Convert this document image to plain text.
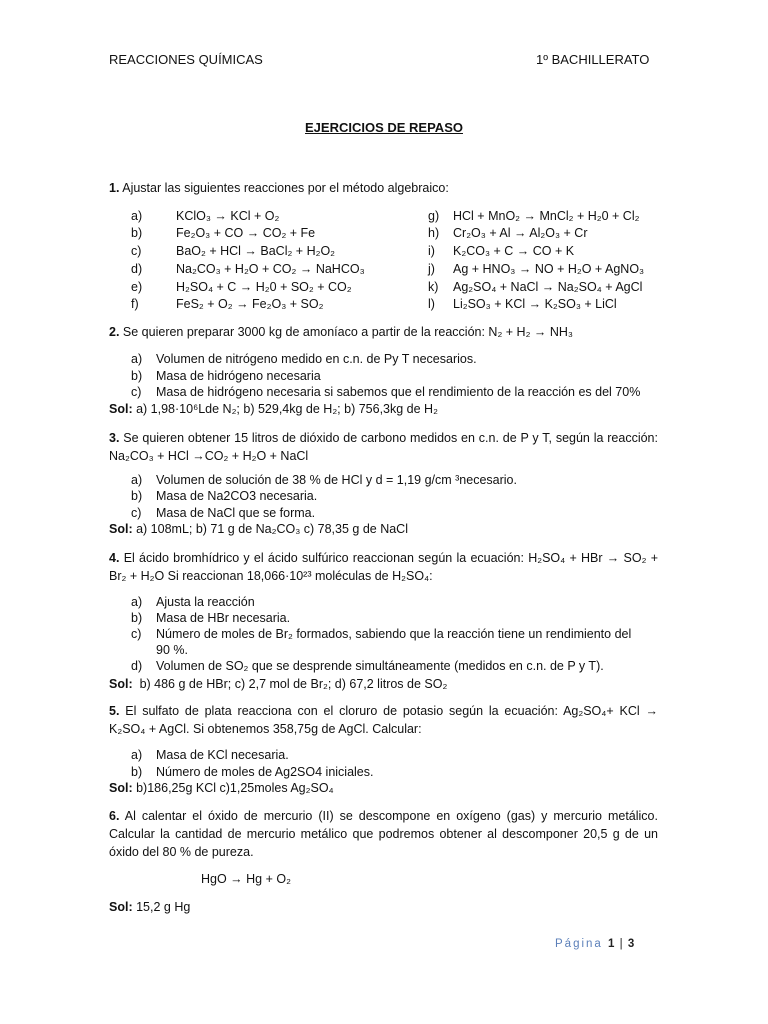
REACCIONES QUÍMICAS	1º BACHILLERATO
EJERCICIOS DE REPASO
1. Ajustar las siguientes reacciones por el método algebraico:
a)	KClO₃ → KCl + O₂
b)	Fe₂O₃ + CO → CO₂ + Fe
c)	BaO₂ + HCl → BaCl₂ + H₂O₂
d)	Na₂CO₃ + H₂O + CO₂ → NaHCO₃
e)	H₂SO₄ + C → H₂0 + SO₂ + CO₂
f)	FeS₂ + O₂ → Fe₂O₃ + SO₂
g) HCl + MnO₂ → MnCl₂ + H₂0 + Cl₂
h) Cr₂O₃ + Al → Al₂O₃ + Cr
i) K₂CO₃ + C → CO + K
j) Ag + HNO₃ → NO + H₂O + AgNO₃
k) Ag₂SO₄ + NaCl → Na₂SO₄ + AgCl
l) Li₂SO₃ + KCl → K₂SO₃ + LiCl
2. Se quieren preparar 3000 kg de amoníaco a partir de la reacción: N₂ + H₂ → NH₃
a) Volumen de nitrógeno medido en c.n. de Py T necesarios.
b) Masa de hidrógeno necesaria
c) Masa de hidrógeno necesaria si sabemos que el rendimiento de la reacción es del 70%
Sol: a) 1,98·10⁶Lde N₂; b) 529,4kg de H₂; b) 756,3kg de H₂
3. Se quieren obtener 15 litros de dióxido de carbono medidos en c.n. de P y T, según la reacción: Na₂CO₃ + HCl →CO₂ + H₂O + NaCl
a) Volumen de solución de 38 % de HCl y d = 1,19 g/cm ³necesario.
b) Masa de Na2CO3 necesaria.
c) Masa de NaCl que se forma.
Sol: a) 108mL; b) 71 g de Na₂CO₃ c) 78,35 g de NaCl
4. El ácido bromhídrico y el ácido sulfúrico reaccionan según la ecuación: H₂SO₄ + HBr → SO₂ + Br₂ + H₂O Si reaccionan 18,066·10²³ moléculas de H₂SO₄:
a) Ajusta la reacción
b) Masa de HBr necesaria.
c) Número de moles de Br₂ formados, sabiendo que la reacción tiene un rendimiento del
90 %.
d) Volumen de SO₂ que se desprende simultáneamente (medidos en c.n. de P y T).
Sol: b) 486 g de HBr; c) 2,7 mol de Br₂; d) 67,2 litros de SO₂
5. El sulfato de plata reacciona con el cloruro de potasio según la ecuación: Ag₂SO₄+ KCl → K₂SO₄ + AgCl. Si obtenemos 358,75g de AgCl. Calcular:
a) Masa de KCl necesaria.
b) Número de moles de Ag2SO4 iniciales.
Sol: b)186,25g KCl c)1,25moles Ag₂SO₄
6. Al calentar el óxido de mercurio (II) se descompone en oxígeno (gas) y mercurio metálico. Calcular la cantidad de mercurio metálico que podremos obtener al descomponer 20,5 g de un óxido del 80 % de pureza.
HgO → Hg + O₂
Sol: 15,2 g Hg
Página 1 | 3
